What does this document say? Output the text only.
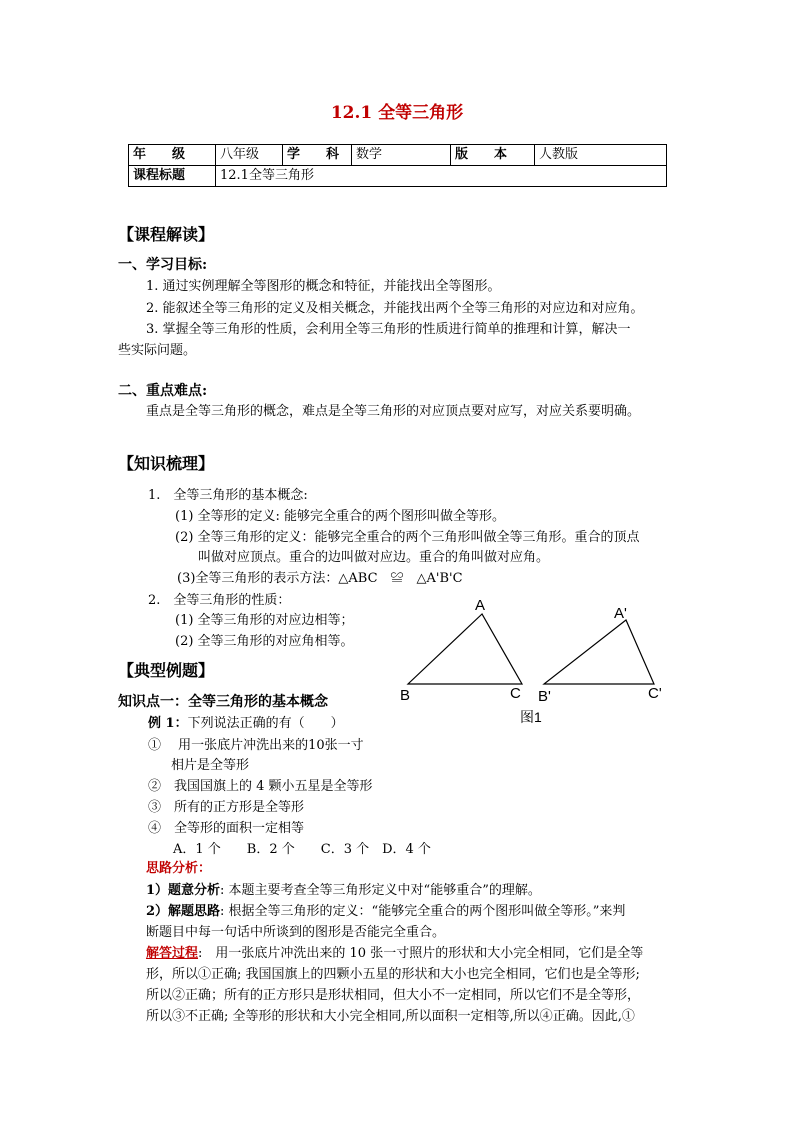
12.1 全等三角形
年　　级	八年级	学　　科	数学	版　　本	人教版
课程标题	12.1全等三角形				
【课程解读】
一、学习目标:
1. 通过实例理解全等图形的概念和特征，并能找出全等图形。
2. 能叙述全等三角形的定义及相关概念，并能找出两个全等三角形的对应边和对应角。
3. 掌握全等三角形的性质，会利用全等三角形的性质进行简单的推理和计算，解决一
些实际问题。
二、重点难点:
重点是全等三角形的概念，难点是全等三角形的对应顶点要对应写，对应关系要明确。
【知识梳理】
1.　全等三角形的基本概念:
(1) 全等形的定义: 能够完全重合的两个图形叫做全等形。
(2) 全等三角形的定义：能够完全重合的两个三角形叫做全等三角形。重合的顶点
叫做对应顶点。重合的边叫做对应边。重合的角叫做对应角。
(3)全等三角形的表示方法：△ABC　≌　△A'B'C
2.　全等三角形的性质：
(1) 全等三角形的对应边相等；
(2) 全等三角形的对应角相等。
A
B	C
A'
B'	C'
图1
【典型例题】
知识点一：全等三角形的基本概念
例 1：下列说法正确的有（　　）
①　 用一张底片冲洗出来的10张一寸
相片是全等形
②　我国国旗上的 4 颗小五星是全等形
③　所有的正方形是全等形
④　全等形的面积一定相等
A．1 个　　B．2 个　　C．3 个　D．4 个
思路分析：
1）题意分析: 本题主要考查全等三角形定义中对“能够重合”的理解。
2）解题思路: 根据全等三角形的定义：“能够完全重合的两个图形叫做全等形。”来判
断题目中每一句话中所谈到的图形是否能完全重合。
解答过程:　用一张底片冲洗出来的 10 张一寸照片的形状和大小完全相同，它们是全等
形，所以①正确; 我国国旗上的四颗小五星的形状和大小也完全相同，它们也是全等形;
所以②正确；所有的正方形只是形状相同，但大小不一定相同，所以它们不是全等形，
所以③不正确; 全等形的形状和大小完全相同,所以面积一定相等,所以④正确。因此,①
